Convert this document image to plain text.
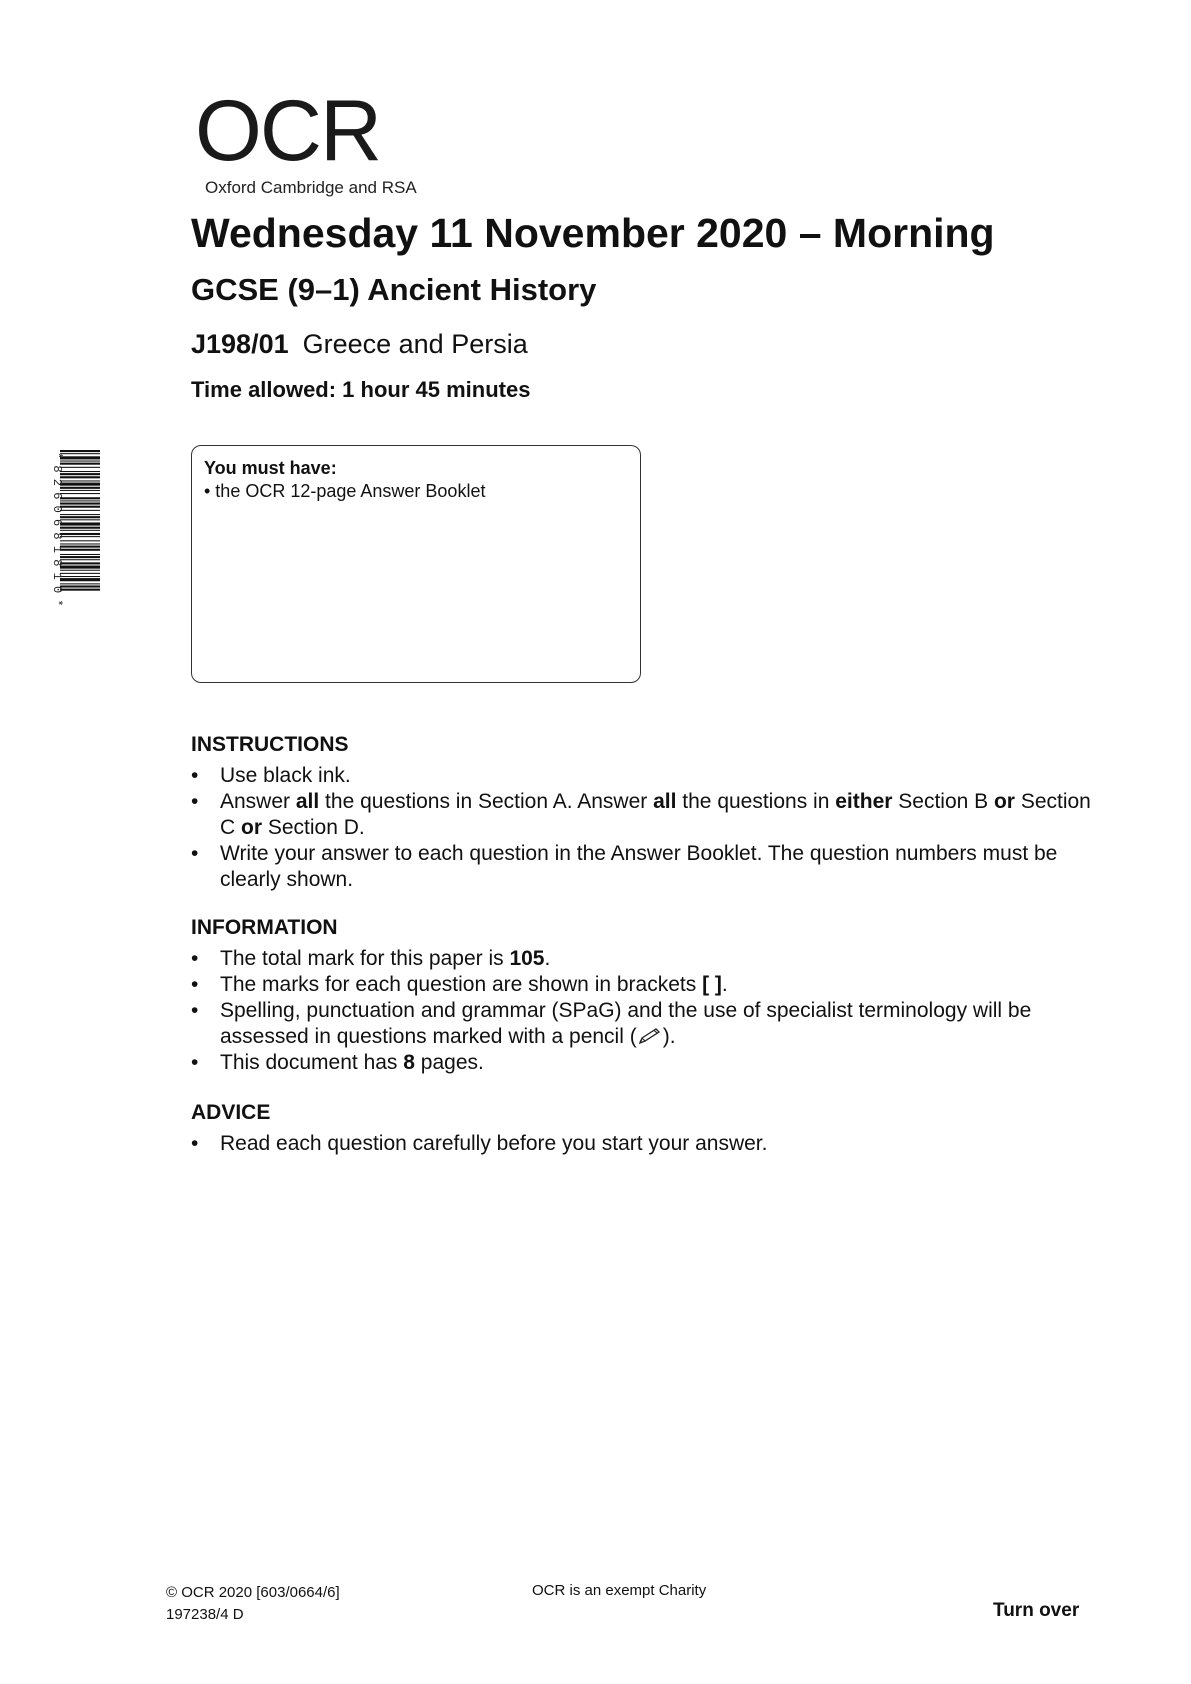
OCR
Oxford Cambridge and RSA
Wednesday 11 November 2020 – Morning
GCSE (9–1) Ancient History
J198/01 Greece and Persia
Time allowed: 1 hour 45 minutes
*8260681810*	You must have:
• the OCR 12-page Answer Booklet
INSTRUCTIONS
• Use black ink.
• Answer all the questions in Section A. Answer all the questions in either Section B or Section C or Section D.
• Write your answer to each question in the Answer Booklet. The question numbers must be clearly shown.
INFORMATION
• The total mark for this paper is 105.
• The marks for each question are shown in brackets [ ].
• Spelling, punctuation and grammar (SPaG) and the use of specialist terminology will be assessed in questions marked with a pencil ( ).
• This document has 8 pages.
ADVICE
• Read each question carefully before you start your answer.
© OCR 2020 [603/0664/6]
197238/4 D
OCR is an exempt Charity
Turn over
